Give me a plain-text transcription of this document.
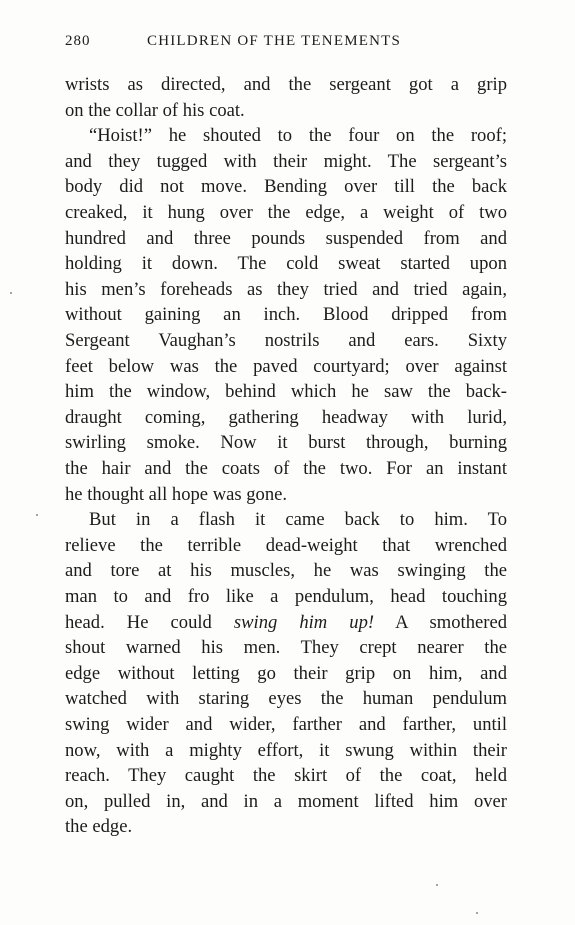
280	CHILDREN OF THE TENEMENTS
wrists as directed, and the sergeant got a grip
on the collar of his coat.
“Hoist!” he shouted to the four on the roof;
and they tugged with their might. The sergeant’s
body did not move. Bending over till the back
creaked, it hung over the edge, a weight of two
hundred and three pounds suspended from and
holding it down. The cold sweat started upon
his men’s foreheads as they tried and tried again,
without gaining an inch. Blood dripped from
Sergeant Vaughan’s nostrils and ears. Sixty
feet below was the paved courtyard; over against
him the window, behind which he saw the back-
draught coming, gathering headway with lurid,
swirling smoke. Now it burst through, burning
the hair and the coats of the two. For an instant
he thought all hope was gone.
But in a flash it came back to him. To
relieve the terrible dead-weight that wrenched
and tore at his muscles, he was swinging the
man to and fro like a pendulum, head touching
head. He could swing him up! A smothered
shout warned his men. They crept nearer the
edge without letting go their grip on him, and
watched with staring eyes the human pendulum
swing wider and wider, farther and farther, until
now, with a mighty effort, it swung within their
reach. They caught the skirt of the coat, held
on, pulled in, and in a moment lifted him over
the edge.
